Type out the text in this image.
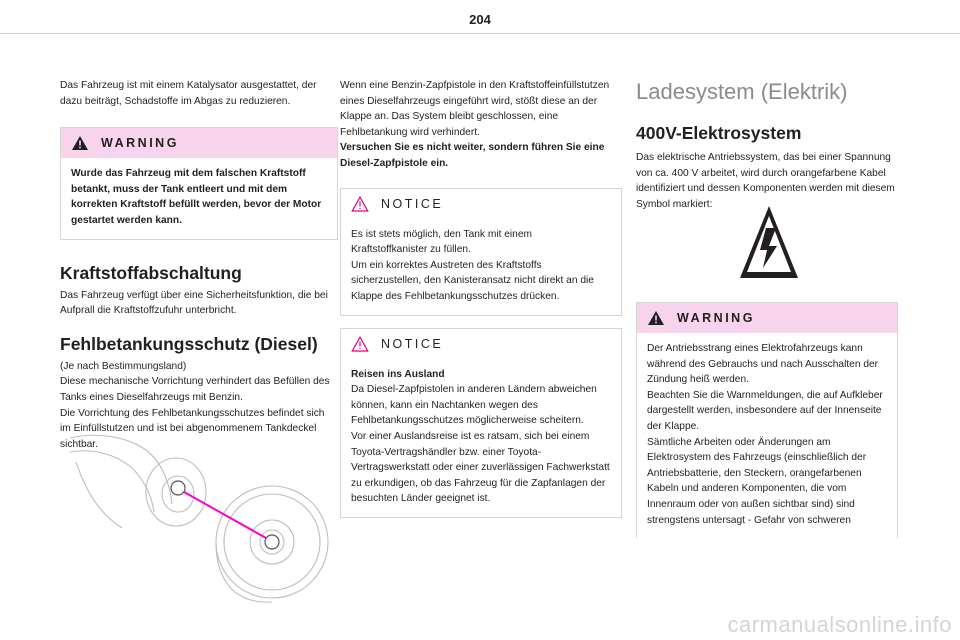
204

Das Fahrzeug ist mit einem Katalysator ausgestattet, der dazu beiträgt, Schadstoffe im Abgas zu reduzieren.

WARNING

Wurde das Fahrzeug mit dem falschen Kraftstoff betankt, muss der Tank entleert und mit dem korrekten Kraftstoff befüllt werden, bevor der Motor gestartet werden kann.

Kraftstoffabschaltung

Das Fahrzeug verfügt über eine Sicherheitsfunktion, die bei Aufprall die Kraftstoffzufuhr unterbricht.

Fehlbetankungsschutz (Diesel)

(Je nach Bestimmungsland)

Diese mechanische Vorrichtung verhindert das Befüllen des Tanks eines Dieselfahrzeugs mit Benzin.

Die Vorrichtung des Fehlbetankungsschutzes befindet sich im Einfüllstutzen und ist bei abgenommenem Tankdeckel sichtbar.

Wenn eine Benzin-Zapfpistole in den Kraftstoffeinfüllstutzen eines Dieselfahrzeugs eingeführt wird, stößt diese an der Klappe an. Das System bleibt geschlossen, eine Fehlbetankung wird verhindert.

Versuchen Sie es nicht weiter, sondern führen Sie eine Diesel-Zapfpistole ein.

NOTICE

Es ist stets möglich, den Tank mit einem Kraftstoffkanister zu füllen.

Um ein korrektes Austreten des Kraftstoffs sicherzustellen, den Kanisteransatz nicht direkt an die Klappe des Fehlbetankungsschutzes drücken.

NOTICE

Reisen ins Ausland

Da Diesel-Zapfpistolen in anderen Ländern abweichen können, kann ein Nachtanken wegen des Fehlbetankungsschutzes möglicherweise scheitern.

Vor einer Auslandsreise ist es ratsam, sich bei einem Toyota-Vertragshändler bzw. einer Toyota-Vertragswerkstatt oder einer zuverlässigen Fachwerkstatt zu erkundigen, ob das Fahrzeug für die Zapfanlagen der besuchten Länder geeignet ist.

Ladesystem (Elektrik)
400V-Elektrosystem

Das elektrische Antriebssystem, das bei einer Spannung von ca. 400 V arbeitet, wird durch orangefarbene Kabel identifiziert und dessen Komponenten werden mit diesem Symbol markiert:

WARNING

Der Antriebsstrang eines Elektrofahrzeugs kann während des Gebrauchs und nach Ausschalten der Zündung heiß werden.

Beachten Sie die Warnmeldungen, die auf Aufkleber dargestellt werden, insbesondere auf der Innenseite der Klappe.

Sämtliche Arbeiten oder Änderungen am Elektrosystem des Fahrzeugs (einschließlich der Antriebsbatterie, den Steckern, orangefarbenen Kabeln und anderen Komponenten, die vom Innenraum oder von außen sichtbar sind) sind strengstens untersagt - Gefahr von schweren

carmanualsonline.info
